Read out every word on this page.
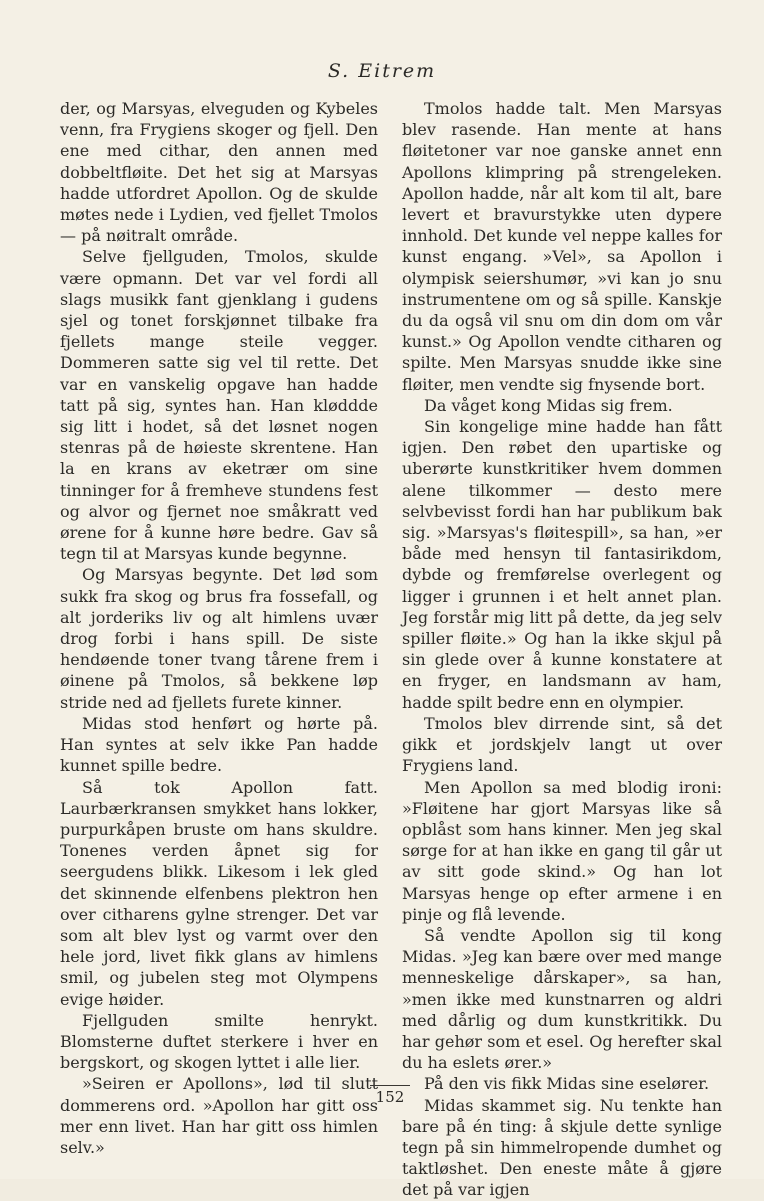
S. Eitrem

der, og Marsyas, elveguden og Kybeles venn, fra Frygiens skoger og fjell. Den ene med cithar, den annen med dobbeltfløite. Det het sig at Marsyas hadde utfordret Apollon. Og de skulde møtes nede i Lydien, ved fjellet Tmolos — på nøitralt område.

Selve fjellguden, Tmolos, skulde være opmann. Det var vel fordi all slags musikk fant gjenklang i gudens sjel og tonet forskjønnet tilbake fra fjellets mange steile vegger. Dommeren satte sig vel til rette. Det var en vanskelig opgave han hadde tatt på sig, syntes han. Han kløddde sig litt i hodet, så det løsnet nogen stenras på de høieste skrentene. Han la en krans av eketrær om sine tinninger for å fremheve stundens fest og alvor og fjernet noe småkratt ved ørene for å kunne høre bedre. Gav så tegn til at Marsyas kunde begynne.

Og Marsyas begynte. Det lød som sukk fra skog og brus fra fossefall, og alt jorderiks liv og alt himlens uvær drog forbi i hans spill. De siste hendøende toner tvang tårene frem i øinene på Tmolos, så bekkene løp stride ned ad fjellets furete kinner.

Midas stod henført og hørte på. Han syntes at selv ikke Pan hadde kunnet spille bedre.

Så tok Apollon fatt. Laurbærkransen smykket hans lokker, purpurkåpen bruste om hans skuldre. Tonenes verden åpnet sig for seergudens blikk. Likesom i lek gled det skinnende elfenbens plektron hen over citharens gylne strenger. Det var som alt blev lyst og varmt over den hele jord, livet fikk glans av himlens smil, og jubelen steg mot Olympens evige høider.

Fjellguden smilte henrykt. Blomsterne duftet sterkere i hver en bergskort, og skogen lyttet i alle lier.

»Seiren er Apollons», lød til slutt dommerens ord. »Apollon har gitt oss mer enn livet. Han har gitt oss himlen selv.»

Tmolos hadde talt. Men Marsyas blev rasende. Han mente at hans fløitetoner var noe ganske annet enn Apollons klimpring på strengeleken. Apollon hadde, når alt kom til alt, bare levert et bravurstykke uten dypere innhold. Det kunde vel neppe kalles for kunst engang. »Vel», sa Apollon i olympisk seiershumør, »vi kan jo snu instrumentene om og så spille. Kanskje du da også vil snu om din dom om vår kunst.» Og Apollon vendte citharen og spilte. Men Marsyas snudde ikke sine fløiter, men vendte sig fnysende bort.

Da våget kong Midas sig frem.

Sin kongelige mine hadde han fått igjen. Den røbet den upartiske og uberørte kunstkritiker hvem dommen alene tilkommer — desto mere selvbevisst fordi han har publikum bak sig. »Marsyas's fløitespill», sa han, »er både med hensyn til fantasirikdom, dybde og fremførelse overlegent og ligger i grunnen i et helt annet plan. Jeg forstår mig litt på dette, da jeg selv spiller fløite.» Og han la ikke skjul på sin glede over å kunne konstatere at en fryger, en landsmann av ham, hadde spilt bedre enn en olympier.

Tmolos blev dirrende sint, så det gikk et jordskjelv langt ut over Frygiens land.

Men Apollon sa med blodig ironi: »Fløitene har gjort Marsyas like så opblåst som hans kinner. Men jeg skal sørge for at han ikke en gang til går ut av sitt gode skind.» Og han lot Marsyas henge op efter armene i en pinje og flå levende.

Så vendte Apollon sig til kong Midas. »Jeg kan bære over med mange menneskelige dårskaper», sa han, »men ikke med kunstnarren og aldri med dårlig og dum kunstkritikk. Du har gehør som et esel. Og herefter skal du ha eslets ører.»

På den vis fikk Midas sine eselører.

Midas skammet sig. Nu tenkte han bare på én ting: å skjule dette synlige tegn på sin himmelropende dumhet og taktløshet. Den eneste måte å gjøre det på var igjen

152
